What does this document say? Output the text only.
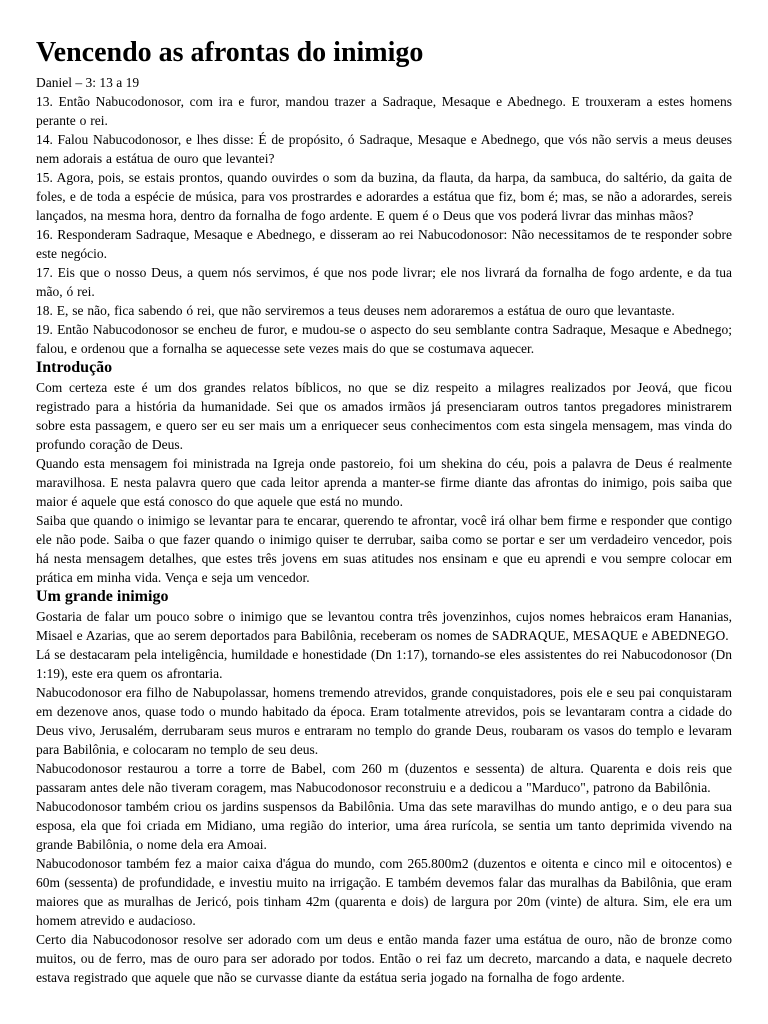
Vencendo as afrontas do inimigo

Daniel – 3: 13 a 19

13. Então Nabucodonosor, com ira e furor, mandou trazer a Sadraque, Mesaque e Abednego. E trouxeram a estes homens perante o rei.

14. Falou Nabucodonosor, e lhes disse: É de propósito, ó Sadraque, Mesaque e Abednego, que vós não servis a meus deuses nem adorais a estátua de ouro que levantei?

15. Agora, pois, se estais prontos, quando ouvirdes o som da buzina, da flauta, da harpa, da sambuca, do saltério, da gaita de foles, e de toda a espécie de música, para vos prostrardes e adorardes a estátua que fiz, bom é; mas, se não a adorardes, sereis lançados, na mesma hora, dentro da fornalha de fogo ardente. E quem é o Deus que vos poderá livrar das minhas mãos?

16. Responderam Sadraque, Mesaque e Abednego, e disseram ao rei Nabucodonosor: Não necessitamos de te responder sobre este negócio.

17. Eis que o nosso Deus, a quem nós servimos, é que nos pode livrar; ele nos livrará da fornalha de fogo ardente, e da tua mão, ó rei.

18. E, se não, fica sabendo ó rei, que não serviremos a teus deuses nem adoraremos a estátua de ouro que levantaste.

19. Então Nabucodonosor se encheu de furor, e mudou-se o aspecto do seu semblante contra Sadraque, Mesaque e Abednego; falou, e ordenou que a fornalha se aquecesse sete vezes mais do que se costumava aquecer.

Introdução

Com certeza este é um dos grandes relatos bíblicos, no que se diz respeito a milagres realizados por Jeová, que ficou registrado para a história da humanidade. Sei que os amados irmãos já presenciaram outros tantos pregadores ministrarem sobre esta passagem, e quero ser eu ser mais um a enriquecer seus conhecimentos com esta singela mensagem, mas vinda do profundo coração de Deus.

Quando esta mensagem foi ministrada na Igreja onde pastoreio, foi um shekina do céu, pois a palavra de Deus é realmente maravilhosa. E nesta palavra quero que cada leitor aprenda a manter-se firme diante das afrontas do inimigo, pois saiba que maior é aquele que está conosco do que aquele que está no mundo.

Saiba que quando o inimigo se levantar para te encarar, querendo te afrontar, você irá olhar bem firme e responder que contigo ele não pode. Saiba o que fazer quando o inimigo quiser te derrubar, saiba como se portar e ser um verdadeiro vencedor, pois há nesta mensagem detalhes, que estes três jovens em suas atitudes nos ensinam e que eu aprendi e vou sempre colocar em prática em minha vida. Vença e seja um vencedor.

Um grande inimigo

Gostaria de falar um pouco sobre o inimigo que se levantou contra três jovenzinhos, cujos nomes hebraicos eram Hananias, Misael e Azarias, que ao serem deportados para Babilônia, receberam os nomes de SADRAQUE, MESAQUE e ABEDNEGO.

Lá se destacaram pela inteligência, humildade e honestidade (Dn 1:17), tornando-se eles assistentes do rei Nabucodonosor (Dn 1:19), este era quem os afrontaria.

Nabucodonosor era filho de Nabupolassar, homens tremendo atrevidos, grande conquistadores, pois ele e seu pai conquistaram em dezenove anos, quase todo o mundo habitado da época. Eram totalmente atrevidos, pois se levantaram contra a cidade do Deus vivo, Jerusalém, derrubaram seus muros e entraram no templo do grande Deus, roubaram os vasos do templo e levaram para Babilônia, e colocaram no templo de seu deus.

Nabucodonosor restaurou a torre a torre de Babel, com 260 m (duzentos e sessenta) de altura. Quarenta e dois reis que passaram antes dele não tiveram coragem, mas Nabucodonosor reconstruiu e a dedicou a "Marduco", patrono da Babilônia.

Nabucodonosor também criou os jardins suspensos da Babilônia. Uma das sete maravilhas do mundo antigo, e o deu para sua esposa, ela que foi criada em Midiano, uma região do interior, uma área rurícola, se sentia um tanto deprimida vivendo na grande Babilônia, o nome dela era Amoai.

Nabucodonosor também fez a maior caixa d'água do mundo, com 265.800m2 (duzentos e oitenta e cinco mil e oitocentos) e 60m (sessenta) de profundidade, e investiu muito na irrigação. E também devemos falar das muralhas da Babilônia, que eram maiores que as muralhas de Jericó, pois tinham 42m (quarenta e dois) de largura por 20m (vinte) de altura. Sim, ele era um homem atrevido e audacioso.

Certo dia Nabucodonosor resolve ser adorado com um deus e então manda fazer uma estátua de ouro, não de bronze como muitos, ou de ferro, mas de ouro para ser adorado por todos. Então o rei faz um decreto, marcando a data, e naquele decreto estava registrado que aquele que não se curvasse diante da estátua seria jogado na fornalha de fogo ardente.
